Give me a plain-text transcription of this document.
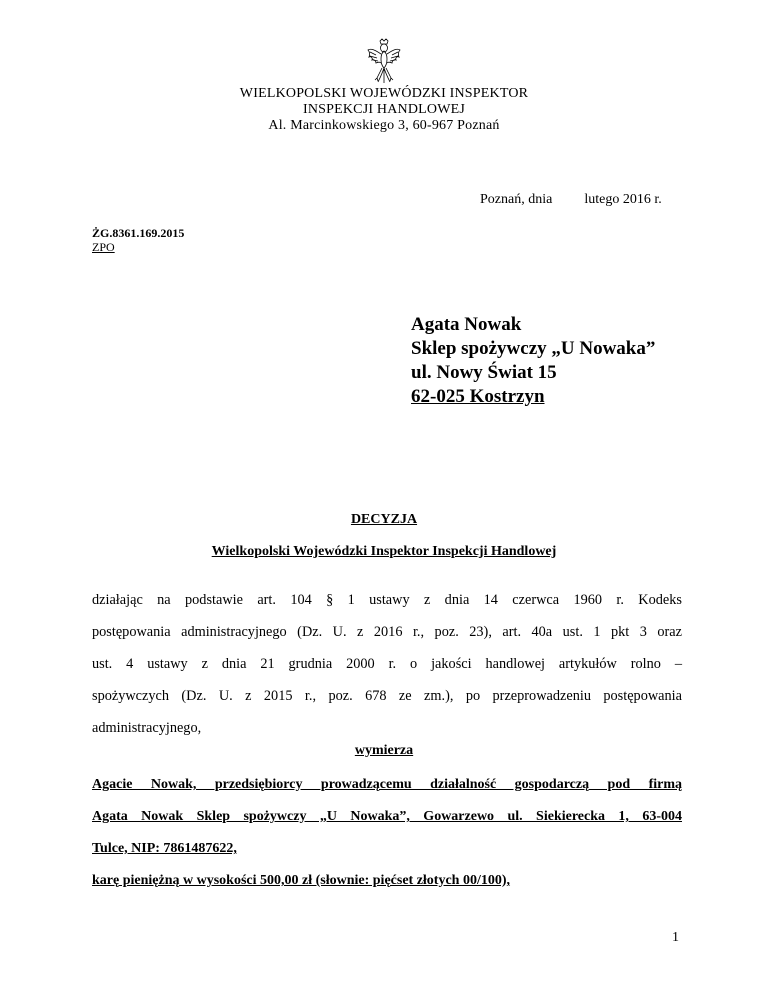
WIELKOPOLSKI WOJEWÓDZKI INSPEKTOR
INSPEKCJI HANDLOWEJ
Al. Marcinkowskiego 3, 60-967 Poznań
Poznań, dnia lutego 2016 r.
ŻG.8361.169.2015
ZPO
Agata Nowak
Sklep spożywczy „U Nowaka”
ul. Nowy Świat 15
62-025 Kostrzyn
DECYZJA
Wielkopolski Wojewódzki Inspektor Inspekcji Handlowej
działając na podstawie art. 104 § 1 ustawy z dnia 14 czerwca 1960 r. Kodeks
postępowania administracyjnego (Dz. U. z 2016 r., poz. 23), art. 40a ust. 1 pkt 3 oraz
ust. 4 ustawy z dnia 21 grudnia 2000 r. o jakości handlowej artykułów rolno –
spożywczych (Dz. U. z 2015 r., poz. 678 ze zm.), po przeprowadzeniu postępowania
administracyjnego,
wymierza
Agacie Nowak, przedsiębiorcy prowadzącemu działalność gospodarczą pod firmą
Agata Nowak Sklep spożywczy „U Nowaka”, Gowarzewo ul. Siekierecka 1, 63-004
Tulce, NIP: 7861487622,
karę pieniężną w wysokości 500,00 zł (słownie: pięćset złotych 00/100),
1
